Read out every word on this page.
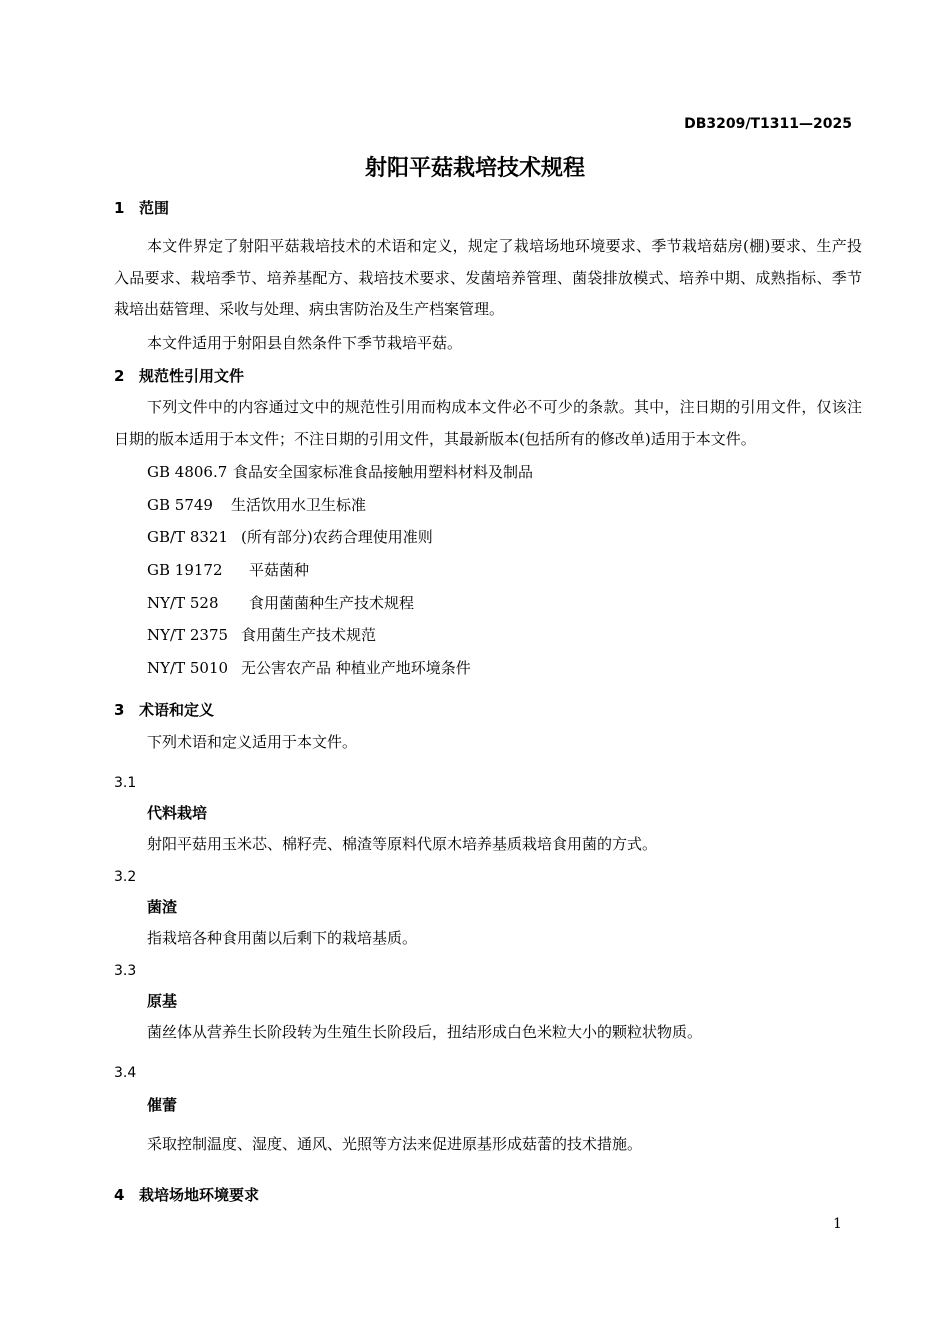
DB3209/T1311—2025
射阳平菇栽培技术规程
1 范围
本文件界定了射阳平菇栽培技术的术语和定义，规定了栽培场地环境要求、季节栽培菇房(棚)要求、生产投入品要求、栽培季节、培养基配方、栽培技术要求、发菌培养管理、菌袋排放模式、培养中期、成熟指标、季节栽培出菇管理、采收与处理、病虫害防治及生产档案管理。
本文件适用于射阳县自然条件下季节栽培平菇。
2 规范性引用文件
下列文件中的内容通过文中的规范性引用而构成本文件必不可少的条款。其中，注日期的引用文件，仅该注日期的版本适用于本文件；不注日期的引用文件，其最新版本(包括所有的修改单)适用于本文件。
GB 4806.7 食品安全国家标准食品接触用塑料材料及制品
GB 5749 生活饮用水卫生标准
GB/T 8321 (所有部分)农药合理使用准则
GB 19172 平菇菌种
NY/T 528 食用菌菌种生产技术规程
NY/T 2375 食用菌生产技术规范
NY/T 5010 无公害农产品 种植业产地环境条件
3 术语和定义
下列术语和定义适用于本文件。
3.1
代料栽培
射阳平菇用玉米芯、棉籽壳、棉渣等原料代原木培养基质栽培食用菌的方式。
3.2
菌渣
指栽培各种食用菌以后剩下的栽培基质。
3.3
原基
菌丝体从营养生长阶段转为生殖生长阶段后，扭结形成白色米粒大小的颗粒状物质。
3.4
催蕾
采取控制温度、湿度、通风、光照等方法来促进原基形成菇蕾的技术措施。
4 栽培场地环境要求
1
